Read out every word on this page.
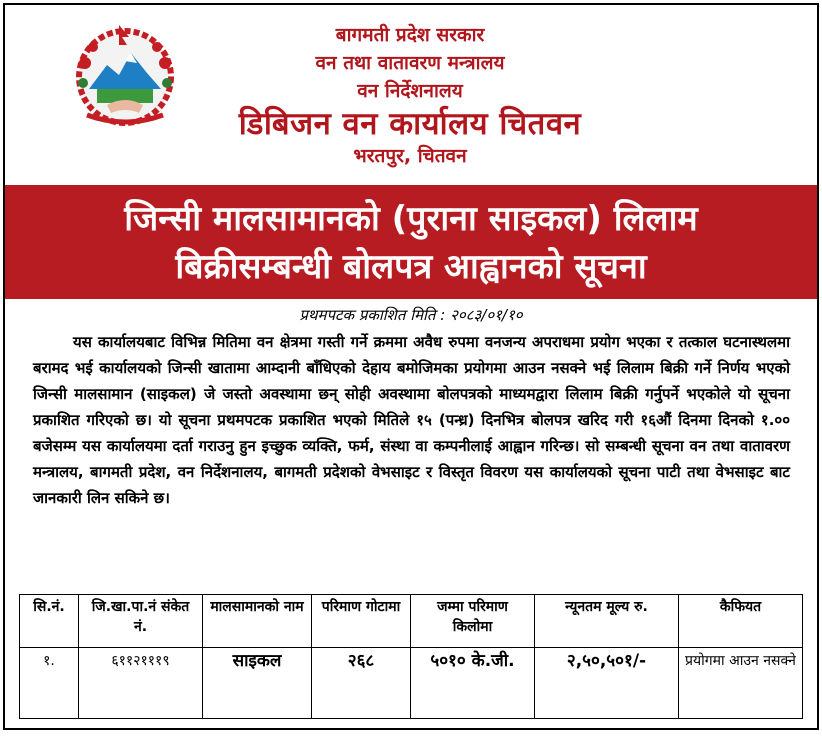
बागमती प्रदेश सरकार
वन तथा वातावरण मन्त्रालय
वन निर्देशनालय
डिबिजन वन कार्यालय चितवन
भरतपुर, चितवन
जिन्सी मालसामानको (पुराना साइकल) लिलाम
बिक्रीसम्बन्धी बोलपत्र आह्वानको सूचना
प्रथमपटक प्रकाशित मिति : २०८३/०१/१०
यस कार्यालयबाट विभिन्न मितिमा वन क्षेत्रमा गस्ती गर्ने क्रममा अवैध रुपमा वनजन्य अपराधमा प्रयोग भएका र तत्काल घटनास्थलमा बरामद भई कार्यालयको जिन्सी खातामा आम्दानी बाँधिएको देहाय बमोजिमका प्रयोगमा आउन नसक्ने भई लिलाम बिक्री गर्ने निर्णय भएको जिन्सी मालसामान (साइकल) जे जस्तो अवस्थामा छन् सोही अवस्थामा बोलपत्रको माध्यमद्वारा लिलाम बिक्री गर्नुपर्ने भएकोले यो सूचना प्रकाशित गरिएको छ। यो सूचना प्रथमपटक प्रकाशित भएको मितिले १५ (पन्ध्र) दिनभित्र बोलपत्र खरिद गरी १६औं दिनमा दिनको १.०० बजेसम्म यस कार्यालयमा दर्ता गराउनु हुन इच्छुक व्यक्ति, फर्म, संस्था वा कम्पनीलाई आह्वान गरिन्छ। सो सम्बन्धी सूचना वन तथा वातावरण मन्त्रालय, बागमती प्रदेश, वन निर्देशनालय, बागमती प्रदेशको वेभसाइट र विस्तृत विवरण यस कार्यालयको सूचना पाटी तथा वेभसाइट बाट जानकारी लिन सकिने छ।
सि.नं.	जि.खा.पा.नं संकेत नं.	मालसामानको नाम	परिमाण गोटामा	जम्मा परिमाण किलोमा	न्यूनतम मूल्य रु.	कैफियत
१.	६११२१११९	साइकल	२६८	५०१० के.जी.	२,५०,५०१/-	प्रयोगमा आउन नसक्ने
